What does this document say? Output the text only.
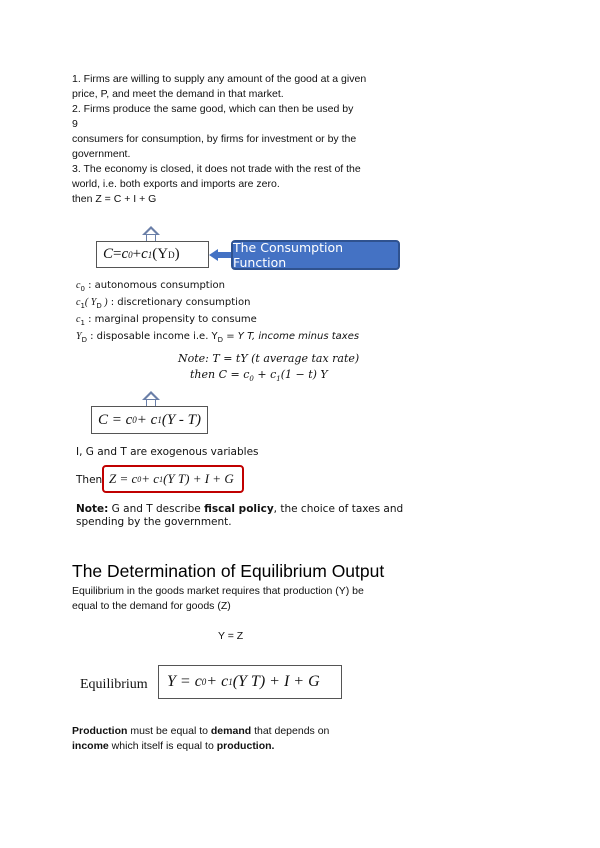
1. Firms are willing to supply any amount of the good at a given
price, P, and meet the demand in that market.
2. Firms produce the same good, which can then be used by
9
consumers for consumption, by firms for investment or by the
government.
3. The economy is closed, it does not trade with the rest of the
world, i.e. both exports and imports are zero.
then Z = C + I + G
C = c 0 + c 1 (Y D )	The Consumption Function
$c_0$ : autonomous consumption
$c_1$( $Y_D$ ) : discretionary consumption
$c_1$ : marginal propensity to consume
$Y_D$ : disposable income i.e. $Y_D = Y$ T, income minus taxes
Note: T = tY (t average tax rate)
then $C = c_0 + c_1(1 - t)$ Y
C = c 0 + c 1 (Y - T)
I, G and T are exogenous variables
Then Z = c 0 + c 1 (Y T) + I + G
Note: G and T describe fiscal policy, the choice of taxes and
spending by the government.
The Determination of Equilibrium Output
Equilibrium in the goods market requires that production (Y) be
equal to the demand for goods (Z)
Y = Z
Equilibrium Y = c 0 + c 1 (Y T) + I + G
Production must be equal to demand that depends on
income which itself is equal to production.
